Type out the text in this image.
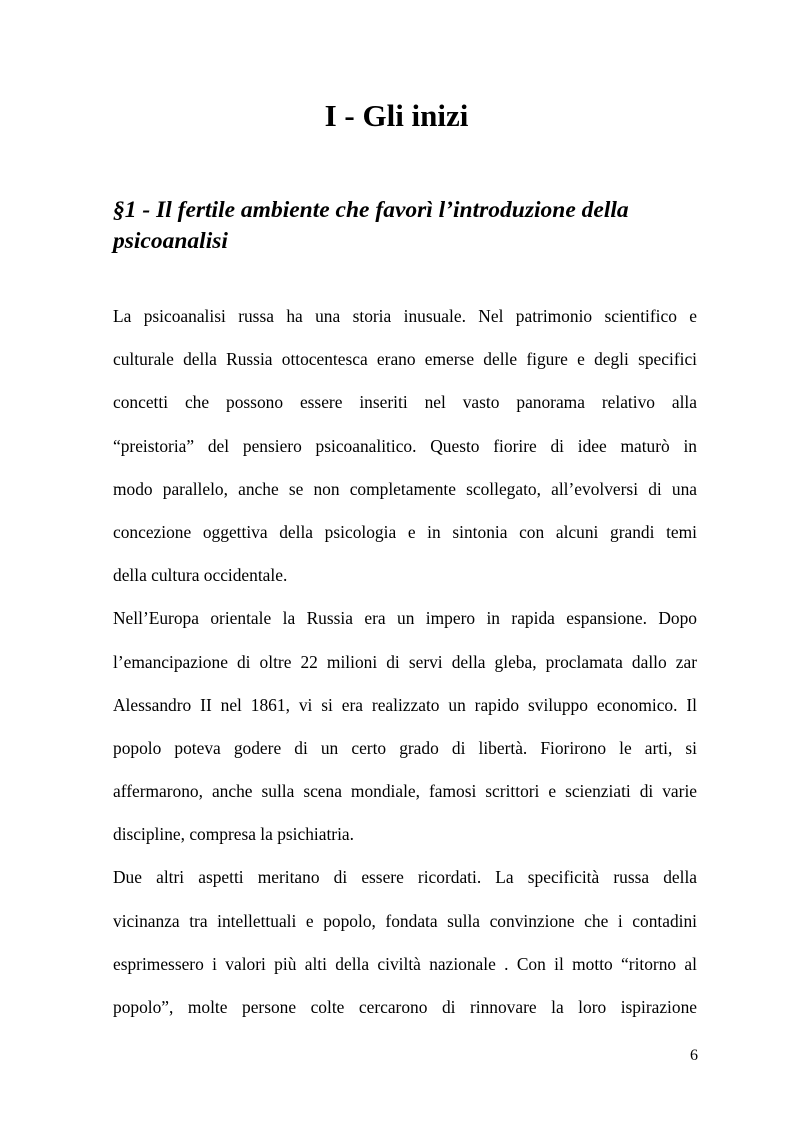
I - Gli inizi
§1 - Il fertile ambiente che favorì l’introduzione della
psicoanalisi
La psicoanalisi russa ha una storia inusuale. Nel patrimonio scientifico e
culturale della Russia ottocentesca erano emerse delle figure e degli specifici
concetti che possono essere inseriti nel vasto panorama relativo alla
“preistoria” del pensiero psicoanalitico. Questo fiorire di idee maturò in
modo parallelo, anche se non completamente scollegato, all’evolversi di una
concezione oggettiva della psicologia e in sintonia con alcuni grandi temi
della cultura occidentale.
Nell’Europa orientale la Russia era un impero in rapida espansione. Dopo
l’emancipazione di oltre 22 milioni di servi della gleba, proclamata dallo zar
Alessandro II nel 1861, vi si era realizzato un rapido sviluppo economico. Il
popolo poteva godere di un certo grado di libertà. Fiorirono le arti, si
affermarono, anche sulla scena mondiale, famosi scrittori e scienziati di varie
discipline, compresa la psichiatria.
Due altri aspetti meritano di essere ricordati. La specificità russa della
vicinanza tra intellettuali e popolo, fondata sulla convinzione che i contadini
esprimessero i valori più alti della civiltà nazionale . Con il motto “ritorno al
popolo”, molte persone colte cercarono di rinnovare la loro ispirazione
6
